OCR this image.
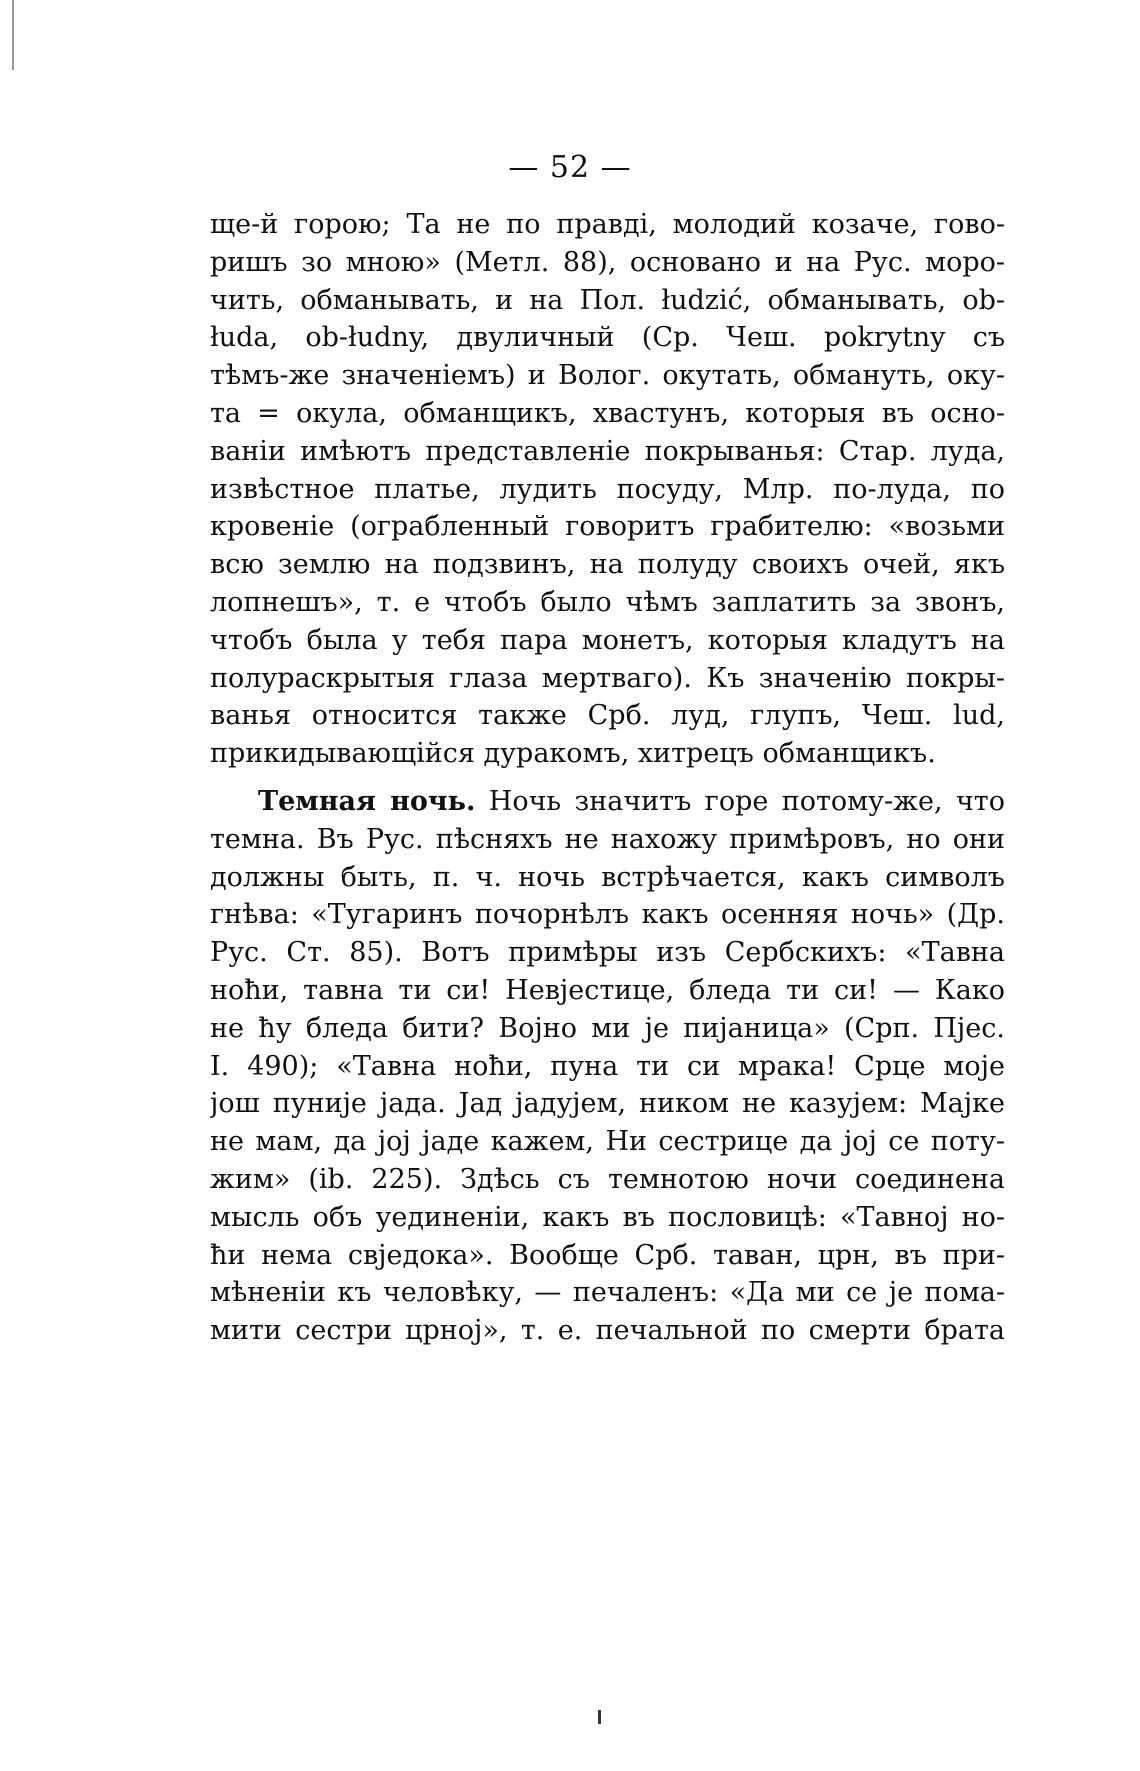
— 52 —
ще-й горою; Та не по правдi, молодий козаче, гово-
ришъ зо мною» (Метл. 88), основано и на Рус. моро-
чить, обманывать, и на Пол. łudzić, обманывать, ob-
łuda, ob-łudny, двуличный (Ср. Чеш. pokrytny съ
тѣмъ-же значенiемъ) и Волог. окутать, обмануть, оку-
та = окула, обманщикъ, хвастунъ, которыя въ осно-
ванiи имѣютъ представленiе покрыванья: Стар. луда,
извѣстное платье, лудить посуду, Млр. по-луда, по
кровенiе (ограбленный говоритъ грабителю: «возьми
всю землю на подзвинъ, на полуду своихъ очей, якъ
лопнешъ», т. е чтобъ было чѣмъ заплатить за звонъ,
чтобъ была у тебя пара монетъ, которыя кладутъ на
полураскрытыя глаза мертваго). Къ значенiю покры-
ванья относится также Срб. луд, глупъ, Чеш. lud,
прикидывающiйся дуракомъ, хитрецъ обманщикъ.
Темная ночь. Ночь значитъ горе потому-же, что
темна. Въ Рус. пѣсняхъ не нахожу примѣровъ, но они
должны быть, п. ч. ночь встрѣчается, какъ символъ
гнѣва: «Тугаринъ почорнѣлъ какъ осенняя ночь» (Др.
Рус. Ст. 85). Вотъ примѣры изъ Сербскихъ: «Тавна
ноħи, тавна ти си! Невjестице, бледа ти си! — Како
не ħу бледа бити? Воjно ми je пиjаница» (Срп. Пjес.
I. 490); «Тавна ноħи, пуна ти си мрака! Срце моjе
joш пуниjе jада. Јад jадуjем, ником не казуjем: Мајке
не мам, да joj jаде кажем, Ни сестрице да joj се поту-
жим» (ib. 225). Здѣсь съ темнотою ночи соединена
мысль объ уединенiи, какъ въ пословицѣ: «Тавноj но-
ħи нема свjедока». Вообще Срб. таван, црн, въ при-
мѣненiи къ человѣку, — печаленъ: «Да ми се je пома-
мити сестри црноj», т. е. печальной по смерти брата
